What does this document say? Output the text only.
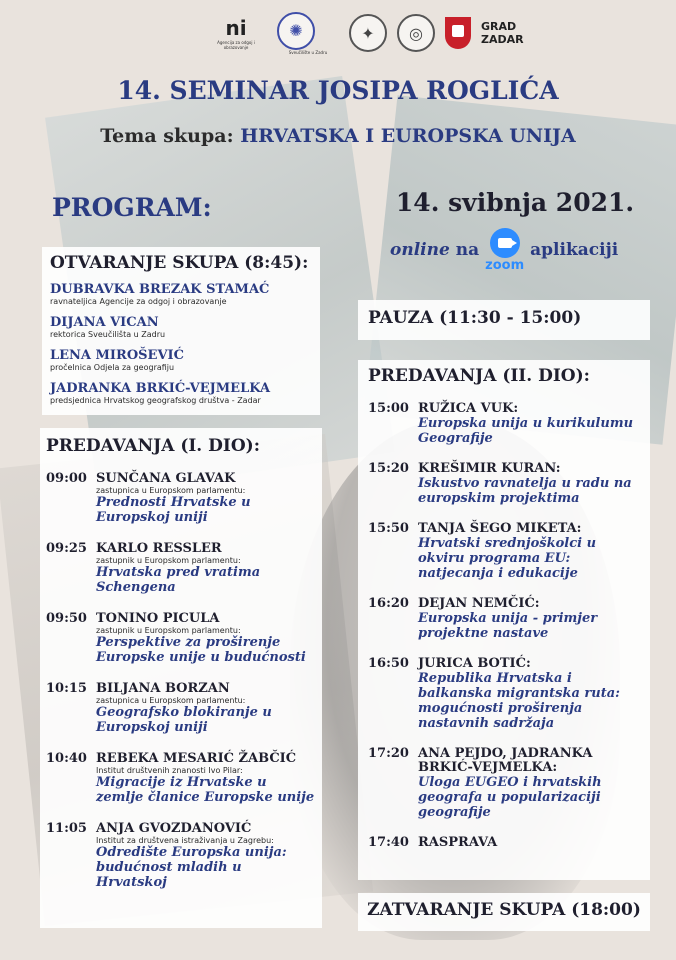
ni
Agencija za odgoj i obrazovanje
✺
Sveučilište u Zadru
✦	◎	GRAD
ZADAR
14. SEMINAR JOSIPA ROGLIĆA
Tema skupa: HRVATSKA I EUROPSKA UNIJA
PROGRAM:	14. svibnja 2021.
online na
zoom
aplikaciji
OTVARANJE SKUPA (8:45):
DUBRAVKA BREZAK STAMAĆ
ravnateljica Agencije za odgoj i obrazovanje
DIJANA VICAN
rektorica Sveučilišta u Zadru
LENA MIROŠEVIĆ
pročelnica Odjela za geografiju
JADRANKA BRKIĆ-VEJMELKA
predsjednica Hrvatskog geografskog društva - Zadar
PREDAVANJA (I. DIO):
09:00 SUNČANA GLAVAK
zastupnica u Europskom parlamentu:
Prednosti Hrvatske u Europskoj uniji
09:25 KARLO RESSLER
zastupnik u Europskom parlamentu:
Hrvatska pred vratima Schengena
09:50 TONINO PICULA
zastupnik u Europskom parlamentu:
Perspektive za proširenje Europske unije u budućnosti
10:15 BILJANA BORZAN
zastupnica u Europskom parlamentu:
Geografsko blokiranje u Europskoj uniji
10:40 REBEKA MESARIĆ ŽABČIĆ
Institut društvenih znanosti Ivo Pilar:
Migracije iz Hrvatske u zemlje članice Europske unije
11:05 ANJA GVOZDANOVIĆ
Institut za društvena istraživanja u Zagrebu:
Odredište Europska unija: budućnost mladih u Hrvatskoj
PAUZA (11:30 - 15:00)
PREDAVANJA (II. DIO):
15:00 RUŽICA VUK:
Europska unija u kurikulumu Geografije
15:20 KREŠIMIR KURAN:
Iskustvo ravnatelja u radu na europskim projektima
15:50 TANJA ŠEGO MIKETA:
Hrvatski srednjoškolci u okviru programa EU: natjecanja i edukacije
16:20 DEJAN NEMČIĆ:
Europska unija - primjer projektne nastave
16:50 JURICA BOTIĆ:
Republika Hrvatska i balkanska migrantska ruta: mogućnosti proširenja nastavnih sadržaja
17:20 ANA PEJDO, JADRANKA BRKIĆ-VEJMELKA:
Uloga EUGEO i hrvatskih geografa u popularizaciji geografije
17:40 RASPRAVA
ZATVARANJE SKUPA (18:00)
